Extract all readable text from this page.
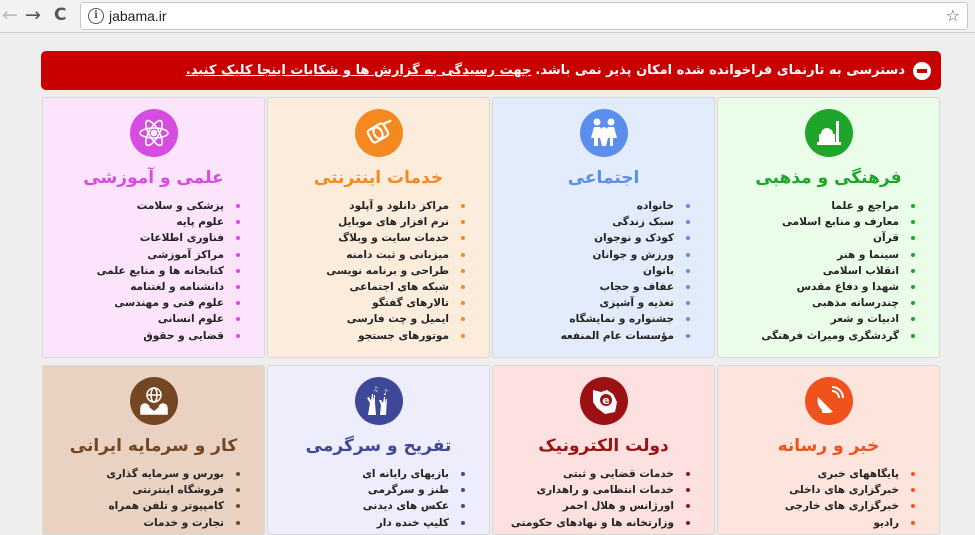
← → C	i jabama.ir	☆
دسترسی به تارنمای فراخوانده شده امکان پذیر نمی باشد.
جهت رسیدگی به گزارش ها و شکایات اینجا کلیک کنید.
فرهنگی و مذهبی
مراجع و علما
معارف و منابع اسلامی
قرآن
سینما و هنر
انقلاب اسلامی
شهدا و دفاع مقدس
چندرسانه مذهبی
ادبیات و شعر
گردشگری ومیراث فرهنگی
اجتماعی
خانواده
سبک زندگی
کودک و نوجوان
ورزش و جوانان
بانوان
عفاف و حجاب
تغذیه و آشپزی
جشنواره و نمایشگاه
مؤسسات عام المنفعه
خدمات اینترنتی
مراکز دانلود و آپلود
نرم افزار های موبایل
خدمات سایت و وبلاگ
میزبانی و ثبت دامنه
طراحی و برنامه نویسی
شبکه های اجتماعی
تالارهای گفتگو
ایمیل و چت فارسی
موتورهای جستجو
علمی و آموزشی
پزشکی و سلامت
علوم پایه
فناوری اطلاعات
مراکز آموزشی
کتابخانه ها و منابع علمی
دانشنامه و لغتنامه
علوم فنی و مهندسی
علوم انسانی
قضایی و حقوق
خبر و رسانه
پایگاههای خبری
خبرگزاری های داخلی
خبرگزاری های خارجی
رادیو
e
دولت الکترونیک
خدمات قضایی و ثبتی
خدمات انتظامی و راهداری
اورژانس و هلال احمر
وزارتخانه ها و نهادهای حکومتی
♪
♫
تفریح و سرگرمی
بازیهای رایانه ای
طنز و سرگرمی
عکس های دیدنی
کلیپ خنده دار
کار و سرمایه ایرانی
بورس و سرمایه گذاری
فروشگاه اینترنتی
کامپیوتر و تلفن همراه
تجارت و خدمات
